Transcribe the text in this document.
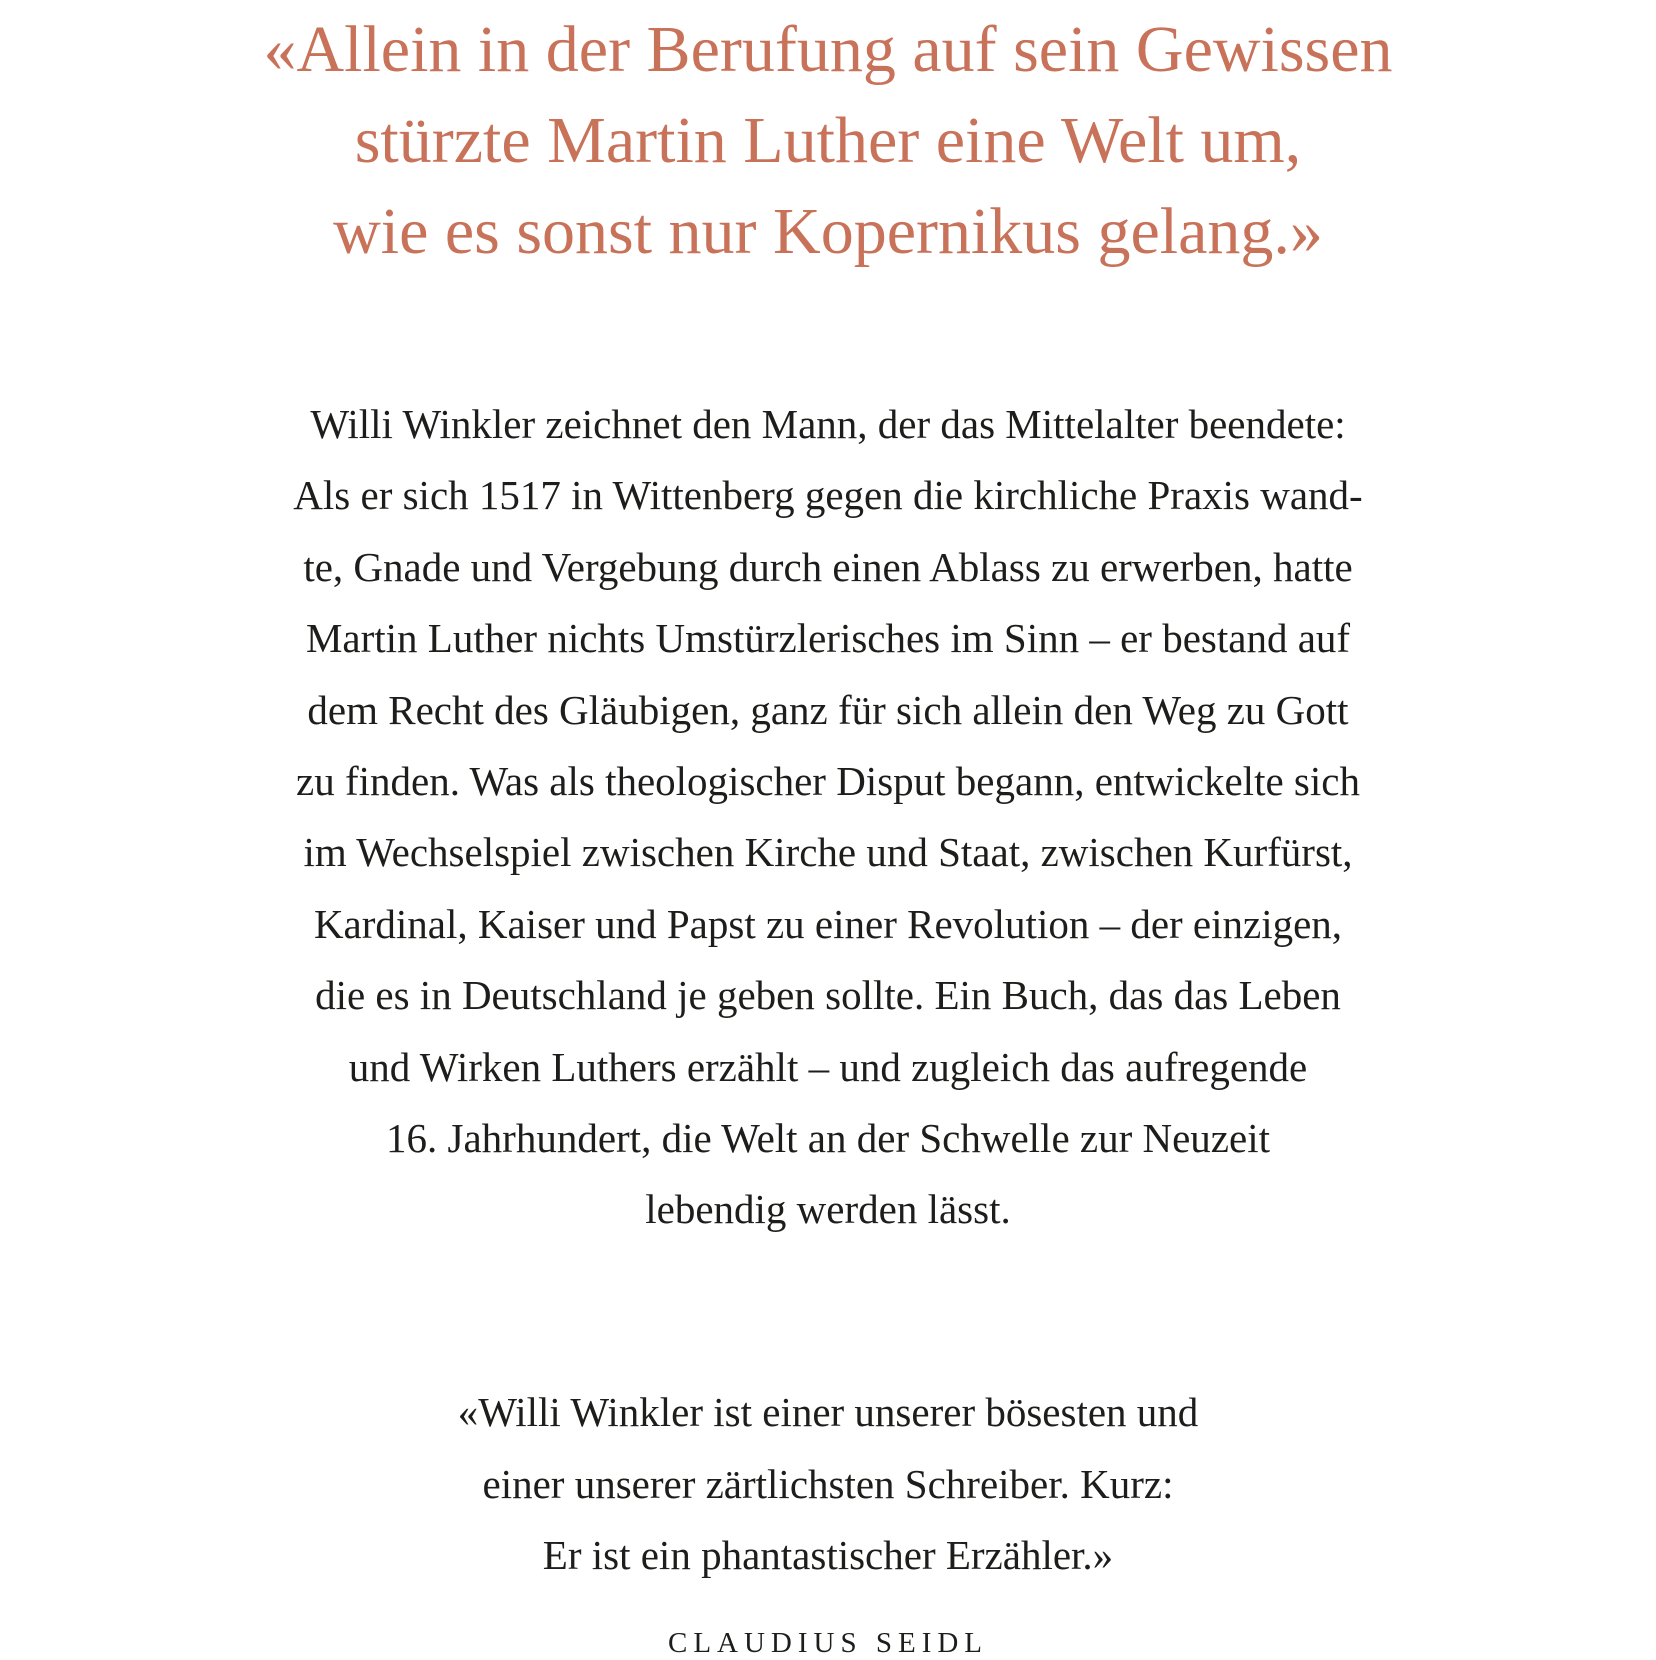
«Allein in der Berufung auf sein Gewissen
stürzte Martin Luther eine Welt um,
wie es sonst nur Kopernikus gelang.»
Willi Winkler zeichnet den Mann, der das Mittelalter beendete:
Als er sich 1517 in Wittenberg gegen die kirchliche Praxis wand-
te, Gnade und Vergebung durch einen Ablass zu erwerben, hatte
Martin Luther nichts Umstürzlerisches im Sinn – er bestand auf
dem Recht des Gläubigen, ganz für sich allein den Weg zu Gott
zu finden. Was als theologischer Disput begann, entwickelte sich
im Wechselspiel zwischen Kirche und Staat, zwischen Kurfürst,
Kardinal, Kaiser und Papst zu einer Revolution – der einzigen,
die es in Deutschland je geben sollte. Ein Buch, das das Leben
und Wirken Luthers erzählt – und zugleich das aufregende
16. Jahrhundert, die Welt an der Schwelle zur Neuzeit
lebendig werden lässt.
«Willi Winkler ist einer unserer bösesten und
einer unserer zärtlichsten Schreiber. Kurz:
Er ist ein phantastischer Erzähler.»
CLAUDIUS SEIDL
